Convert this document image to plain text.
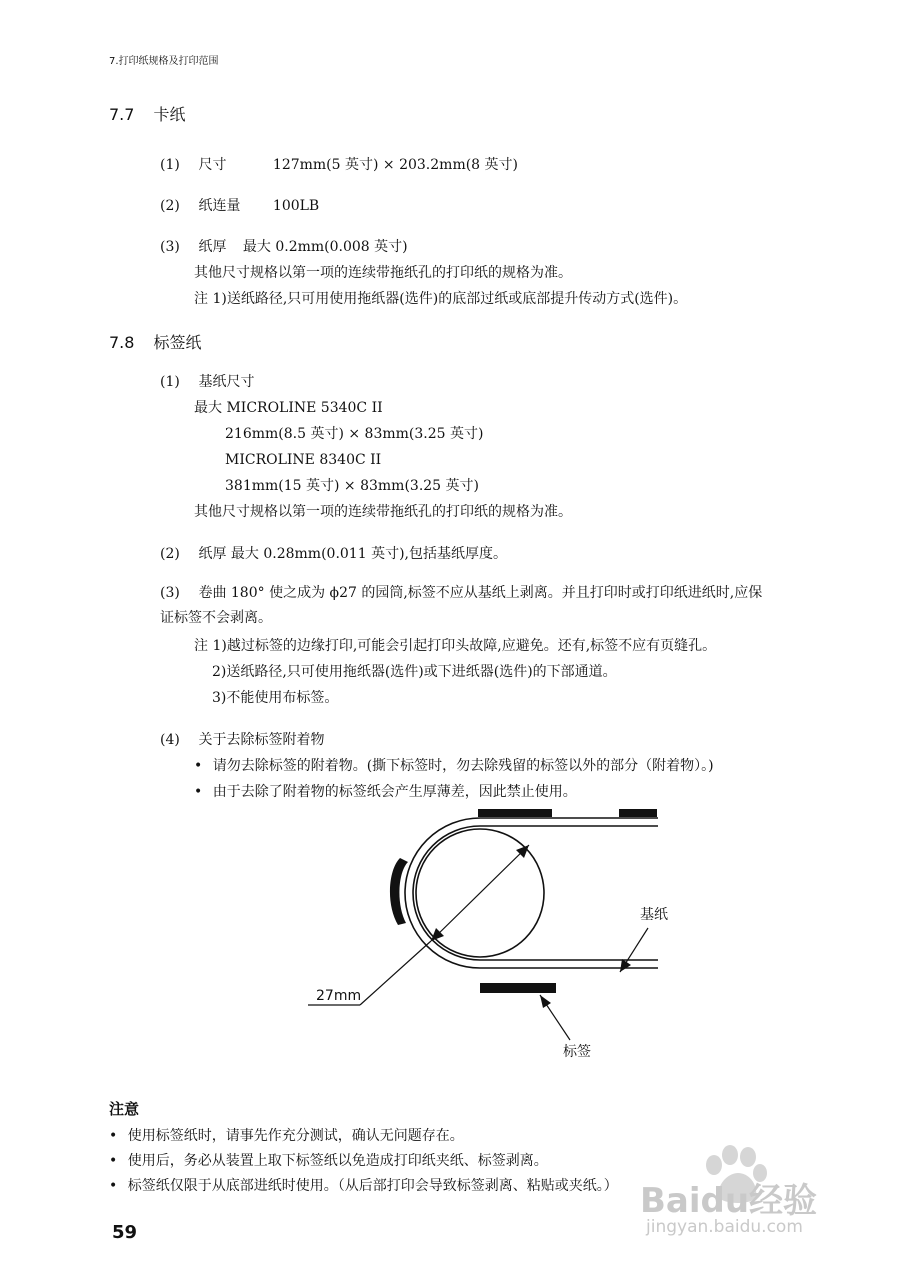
7.打印纸规格及打印范围
7.7 卡纸
(1) 尺寸	127mm(5 英寸) × 203.2mm(8 英寸)
(2) 纸连量 100LB
(3) 纸厚 最大 0.2mm(0.008 英寸)
其他尺寸规格以第一项的连续带拖纸孔的打印纸的规格为准。
注 1)送纸路径,只可用使用拖纸器(选件)的底部过纸或底部提升传动方式(选件)。
7.8 标签纸
(1) 基纸尺寸
最大 MICROLINE 5340C II
216mm(8.5 英寸) × 83mm(3.25 英寸)
MICROLINE 8340C II
381mm(15 英寸) × 83mm(3.25 英寸)
其他尺寸规格以第一项的连续带拖纸孔的打印纸的规格为准。
(2) 纸厚 最大 0.28mm(0.011 英寸),包括基纸厚度。
(3) 卷曲 180° 使之成为 ϕ27 的园筒,标签不应从基纸上剥离。并且打印时或打印纸进纸时,应保
证标签不会剥离。
注 1)越过标签的边缘打印,可能会引起打印头故障,应避免。还有,标签不应有页缝孔。
2)送纸路径,只可使用拖纸器(选件)或下进纸器(选件)的下部通道。
3)不能使用布标签。
(4) 关于去除标签附着物
• 请勿去除标签的附着物。(撕下标签时，勿去除残留的标签以外的部分（附着物）。)
• 由于去除了附着物的标签纸会产生厚薄差，因此禁止使用。
基纸
标签
27mm
注意
• 使用标签纸时，请事先作充分测试，确认无问题存在。
• 使用后，务必从装置上取下标签纸以免造成打印纸夹纸、标签剥离。
• 标签纸仅限于从底部进纸时使用。（从后部打印会导致标签剥离、粘贴或夹纸。）
59
Baidu经验
jingyan.baidu.com
